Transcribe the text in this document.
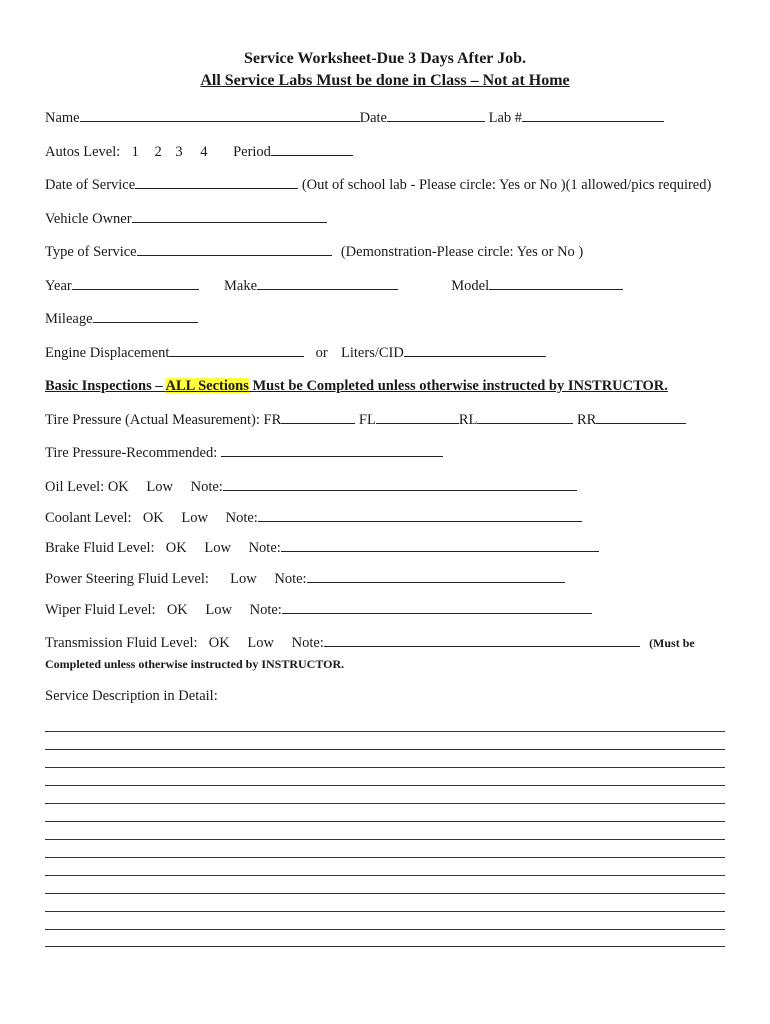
Service Worksheet-Due 3 Days After Job.
All Service Labs Must be done in Class – Not at Home
Name	Date	Lab #
Autos Level: 1 2 3 4 Period
Date of Service	(Out of school lab - Please circle: Yes or No )(1 allowed/pics required)
Vehicle Owner
Type of Service	(Demonstration-Please circle: Yes or No )
Year	Make	Model
Mileage
Engine Displacement	or Liters/CID
Basic Inspections – ALL Sections Must be Completed unless otherwise instructed by INSTRUCTOR.
Tire Pressure (Actual Measurement): FR	FL	RL	RR
Tire Pressure-Recommended:
Oil Level: OK Low Note:
Coolant Level: OK Low Note:
Brake Fluid Level: OK Low Note:
Power Steering Fluid Level: Low Note:
Wiper Fluid Level: OK Low Note:
Transmission Fluid Level: OK Low Note:	(Must be
Completed unless otherwise instructed by INSTRUCTOR.
Service Description in Detail:
